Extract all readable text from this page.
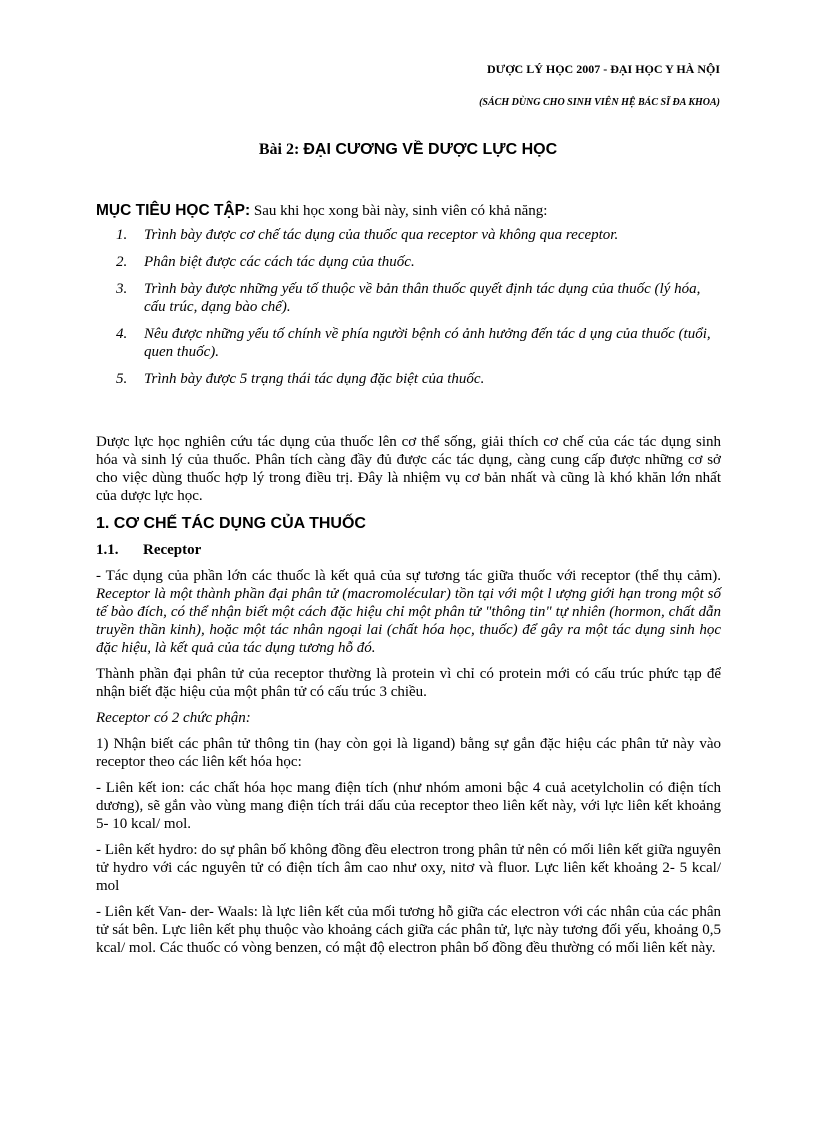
DƯỢC LÝ HỌC 2007 - ĐẠI HỌC Y HÀ NỘI
(SÁCH DÙNG CHO SINH VIÊN HỆ BÁC SĨ ĐA KHOA)
Bài 2: ĐẠI CƯƠNG VỀ DƯỢC LỰC HỌC
MỤC TIÊU HỌC TẬP: Sau khi học xong bài này, sinh viên có khả năng:
1. Trình bày được cơ chế tác dụng của thuốc qua receptor và không qua receptor.
2. Phân biệt được các cách tác dụng của thuốc.
3. Trình bày được những yếu tố thuộc về bản thân thuốc quyết định tác dụng của thuốc (lý hóa, cấu trúc, dạng bào chế).
4. Nêu được những yếu tố chính về phía người bệnh có ảnh hưởng đến tác d ụng của thuốc (tuổi, quen thuốc).
5. Trình bày được 5 trạng thái tác dụng đặc biệt của thuốc.

Dược lực học nghiên cứu tác dụng của thuốc lên cơ thể sống, giải thích cơ chế của các tác dụng sinh hóa và sinh lý của thuốc. Phân tích càng đầy đủ được các tác dụng, càng cung cấp được những cơ sở cho việc dùng thuốc hợp lý trong điều trị. Đây là nhiệm vụ cơ bản nhất và cũng là khó khăn lớn nhất của dược lực học.

1. CƠ CHẾ TÁC DỤNG CỦA THUỐC
1.1. Receptor

- Tác dụng của phần lớn các thuốc là kết quả của sự tương tác giữa thuốc với receptor (thể thụ cảm). Receptor là một thành phần đại phân tử (macromolécular) tồn tại với một l ượng giới hạn trong một số tế bào đích, có thể nhận biết một cách đặc hiệu chỉ một phân tử "thông tin" tự nhiên (hormon, chất dẫn truyền thần kinh), hoặc một tác nhân ngoại lai (chất hóa học, thuốc) để gây ra một tác dụng sinh học đặc hiệu, là kết quả của tác dụng tương hỗ đó.

Thành phần đại phân tử của receptor thường là protein vì chỉ có protein mới có cấu trúc phức tạp để nhận biết đặc hiệu của một phân tử có cấu trúc 3 chiều.

Receptor có 2 chức phận:

1) Nhận biết các phân tử thông tin (hay còn gọi là ligand) bằng sự gắn đặc hiệu các phân tử này vào receptor theo các liên kết hóa học:

- Liên kết ion: các chất hóa học mang điện tích (như nhóm amoni bậc 4 cuả acetylcholin có điện tích dương), sẽ gắn vào vùng mang điện tích trái dấu của receptor theo liên kết này, với lực liên kết khoảng 5- 10 kcal/ mol.

- Liên kết hydro: do sự phân bố không đồng đều electron trong phân tử nên có mối liên kết giữa nguyên tử hydro với các nguyên tử có điện tích âm cao như oxy, nitơ và fluor. Lực liên kết khoảng 2- 5 kcal/ mol

- Liên kết Van- der- Waals: là lực liên kết của mối tương hỗ giữa các electron với các nhân của các phân tử sát bên. Lực liên kết phụ thuộc vào khoảng cách giữa các phân tử, lực này tương đối yếu, khoảng 0,5 kcal/ mol. Các thuốc có vòng benzen, có mật độ electron phân bố đồng đều thường có mối liên kết này.
